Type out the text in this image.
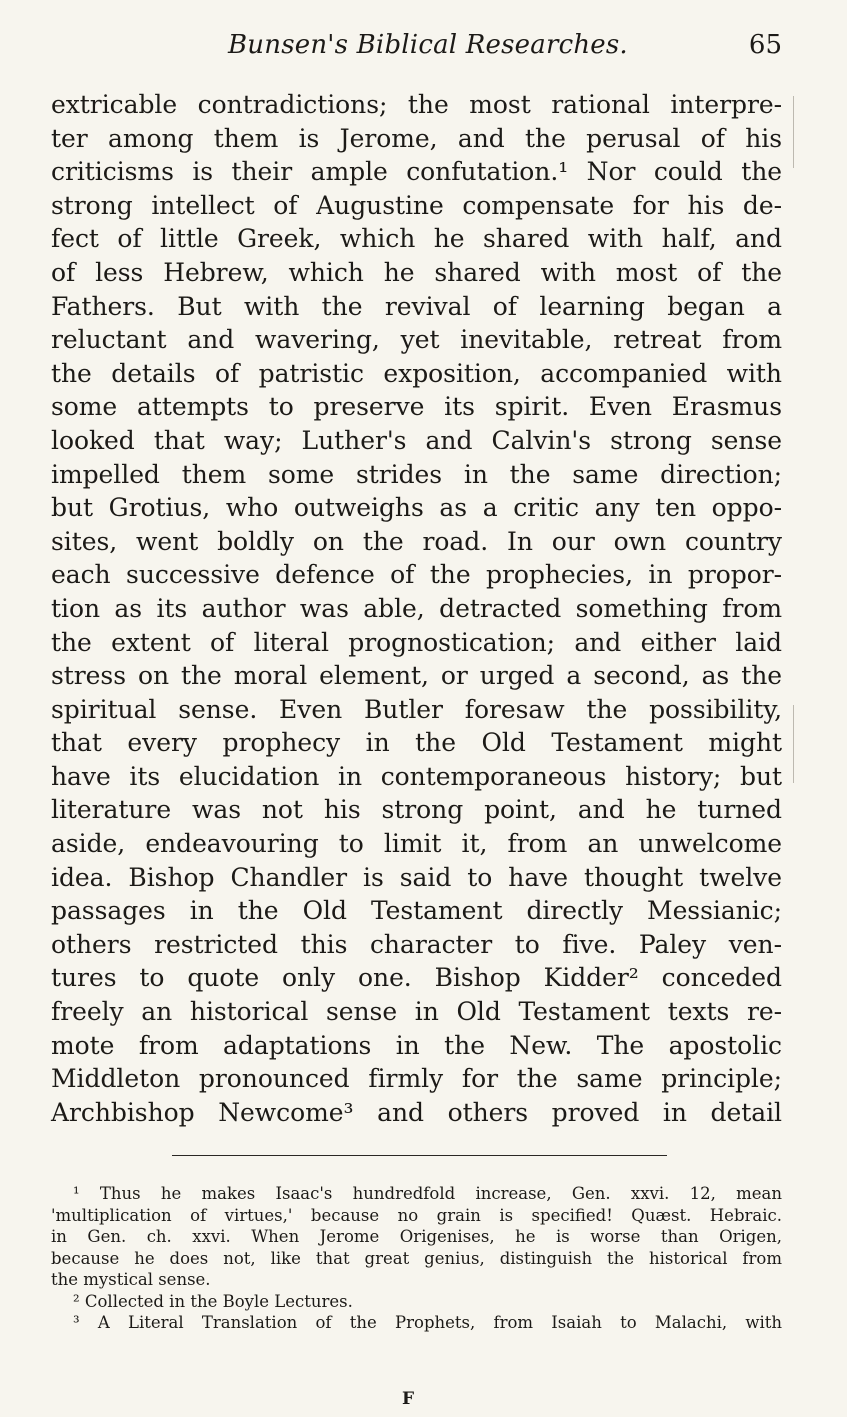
Bunsen's Biblical Researches.	65
extricable contradictions; the most rational interpre-
ter among them is Jerome, and the perusal of his
criticisms is their ample confutation.¹ Nor could the
strong intellect of Augustine compensate for his de-
fect of little Greek, which he shared with half, and
of less Hebrew, which he shared with most of the
Fathers. But with the revival of learning began a
reluctant and wavering, yet inevitable, retreat from
the details of patristic exposition, accompanied with
some attempts to preserve its spirit. Even Erasmus
looked that way; Luther's and Calvin's strong sense
impelled them some strides in the same direction;
but Grotius, who outweighs as a critic any ten oppo-
sites, went boldly on the road. In our own country
each successive defence of the prophecies, in propor-
tion as its author was able, detracted something from
the extent of literal prognostication; and either laid
stress on the moral element, or urged a second, as the
spiritual sense. Even Butler foresaw the possibility,
that every prophecy in the Old Testament might
have its elucidation in contemporaneous history; but
literature was not his strong point, and he turned
aside, endeavouring to limit it, from an unwelcome
idea. Bishop Chandler is said to have thought twelve
passages in the Old Testament directly Messianic;
others restricted this character to five. Paley ven-
tures to quote only one. Bishop Kidder² conceded
freely an historical sense in Old Testament texts re-
mote from adaptations in the New. The apostolic
Middleton pronounced firmly for the same principle;
Archbishop Newcome³ and others proved in detail
¹ Thus he makes Isaac's hundredfold increase, Gen. xxvi. 12, mean
'multiplication of virtues,' because no grain is specified! Quæst. Hebraic.
in Gen. ch. xxvi. When Jerome Origenises, he is worse than Origen,
because he does not, like that great genius, distinguish the historical from
the mystical sense.
² Collected in the Boyle Lectures.
³ A Literal Translation of the Prophets, from Isaiah to Malachi, with
F
